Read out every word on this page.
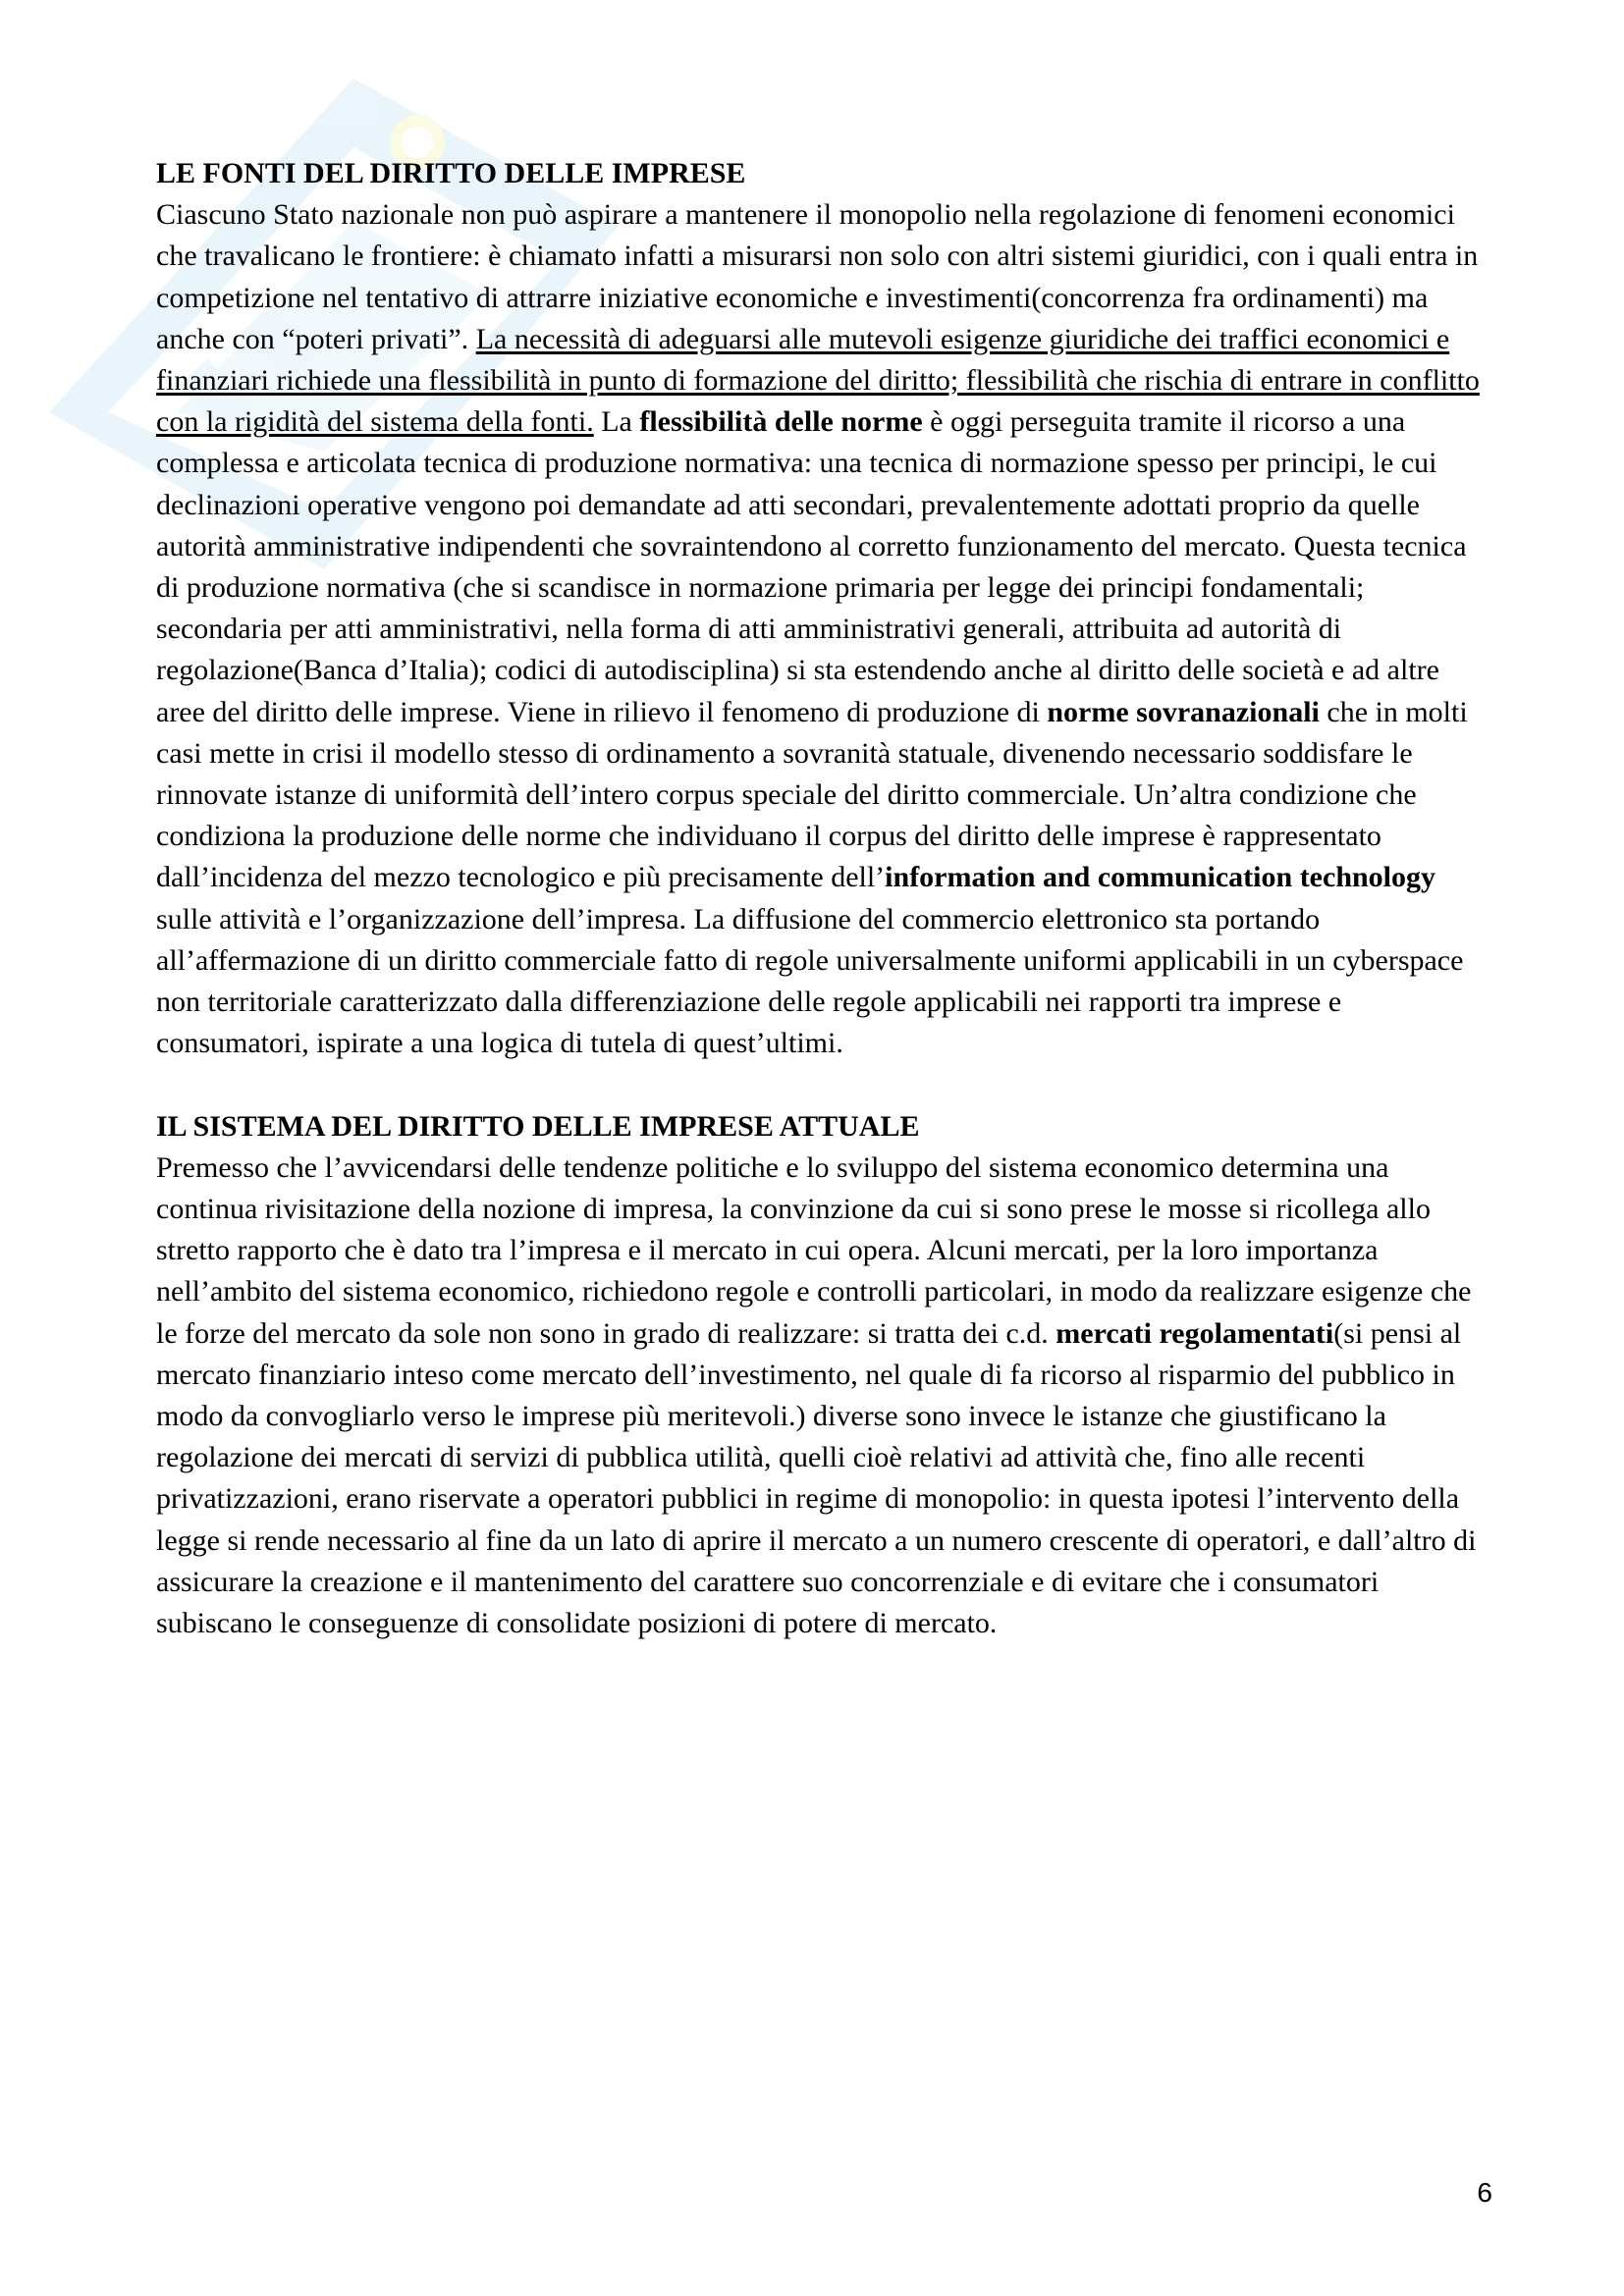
LE FONTI DEL DIRITTO DELLE IMPRESE

Ciascuno Stato nazionale non può aspirare a mantenere il monopolio nella regolazione di fenomeni economici che travalicano le frontiere: è chiamato infatti a misurarsi non solo con altri sistemi giuridici, con i quali entra in competizione nel tentativo di attrarre iniziative economiche e investimenti(concorrenza fra ordinamenti) ma anche con “poteri privati”. La necessità di adeguarsi alle mutevoli esigenze giuridiche dei traffici economici e finanziari richiede una flessibilità in punto di formazione del diritto; flessibilità che rischia di entrare in conflitto con la rigidità del sistema della fonti. La flessibilità delle norme è oggi perseguita tramite il ricorso a una complessa e articolata tecnica di produzione normativa: una tecnica di normazione spesso per principi, le cui declinazioni operative vengono poi demandate ad atti secondari, prevalentemente adottati proprio da quelle autorità amministrative indipendenti che sovraintendono al corretto funzionamento del mercato. Questa tecnica di produzione normativa (che si scandisce in normazione primaria per legge dei principi fondamentali; secondaria per atti amministrativi, nella forma di atti amministrativi generali, attribuita ad autorità di regolazione(Banca d’Italia); codici di autodisciplina) si sta estendendo anche al diritto delle società e ad altre aree del diritto delle imprese. Viene in rilievo il fenomeno di produzione di norme sovranazionali che in molti casi mette in crisi il modello stesso di ordinamento a sovranità statuale, divenendo necessario soddisfare le rinnovate istanze di uniformità dell’intero corpus speciale del diritto commerciale. Un’altra condizione che condiziona la produzione delle norme che individuano il corpus del diritto delle imprese è rappresentato dall’incidenza del mezzo tecnologico e più precisamente dell’information and communication technology sulle attività e l’organizzazione dell’impresa. La diffusione del commercio elettronico sta portando all’affermazione di un diritto commerciale fatto di regole universalmente uniformi applicabili in un cyberspace non territoriale caratterizzato dalla differenziazione delle regole applicabili nei rapporti tra imprese e consumatori, ispirate a una logica di tutela di quest’ultimi.

IL SISTEMA DEL DIRITTO DELLE IMPRESE ATTUALE

Premesso che l’avvicendarsi delle tendenze politiche e lo sviluppo del sistema economico determina una continua rivisitazione della nozione di impresa, la convinzione da cui si sono prese le mosse si ricollega allo stretto rapporto che è dato tra l’impresa e il mercato in cui opera. Alcuni mercati, per la loro importanza nell’ambito del sistema economico, richiedono regole e controlli particolari, in modo da realizzare esigenze che le forze del mercato da sole non sono in grado di realizzare: si tratta dei c.d. mercati regolamentati(si pensi al mercato finanziario inteso come mercato dell’investimento, nel quale di fa ricorso al risparmio del pubblico in modo da convogliarlo verso le imprese più meritevoli.) diverse sono invece le istanze che giustificano la regolazione dei mercati di servizi di pubblica utilità, quelli cioè relativi ad attività che, fino alle recenti privatizzazioni, erano riservate a operatori pubblici in regime di monopolio: in questa ipotesi l’intervento della legge si rende necessario al fine da un lato di aprire il mercato a un numero crescente di operatori, e dall’altro di assicurare la creazione e il mantenimento del carattere suo concorrenziale e di evitare che i consumatori subiscano le conseguenze di consolidate posizioni di potere di mercato.

6
